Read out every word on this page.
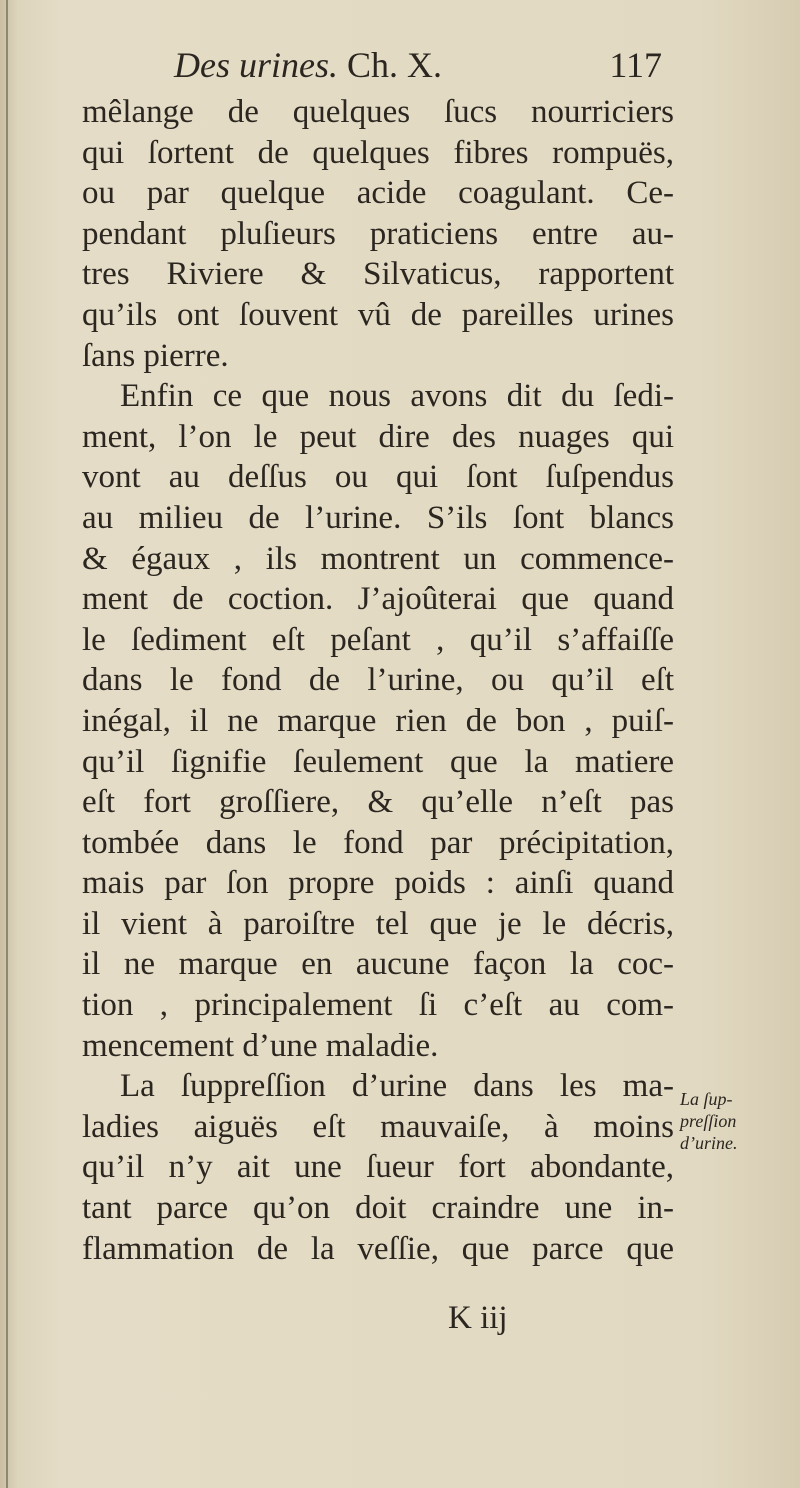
Des urines. Ch. X.	117
mêlange de quelques ſucs nourriciers
qui ſortent de quelques fibres rompuës,
ou par quelque acide coagulant. Ce-
pendant pluſieurs praticiens entre au-
tres Riviere & Silvaticus, rapportent
qu’ils ont ſouvent vû de pareilles urines
ſans pierre.
Enfin ce que nous avons dit du ſedi-
ment, l’on le peut dire des nuages qui
vont au deſſus ou qui ſont ſuſpendus
au milieu de l’urine. S’ils ſont blancs
& égaux , ils montrent un commence-
ment de coction. J’ajoûterai que quand
le ſediment eſt peſant , qu’il s’affaiſſe
dans le fond de l’urine, ou qu’il eſt
inégal, il ne marque rien de bon , puiſ-
qu’il ſignifie ſeulement que la matiere
eſt fort groſſiere, & qu’elle n’eſt pas
tombée dans le fond par précipitation,
mais par ſon propre poids : ainſi quand
il vient à paroiſtre tel que je le décris,
il ne marque en aucune façon la coc-
tion , principalement ſi c’eſt au com-
mencement d’une maladie.
La ſuppreſſion d’urine dans les ma-
ladies aiguës eſt mauvaiſe, à moins
qu’il n’y ait une ſueur fort abondante,
tant parce qu’on doit craindre une in-
flammation de la veſſie, que parce que
La ſup-
preſſion
d’urine.
K iij
